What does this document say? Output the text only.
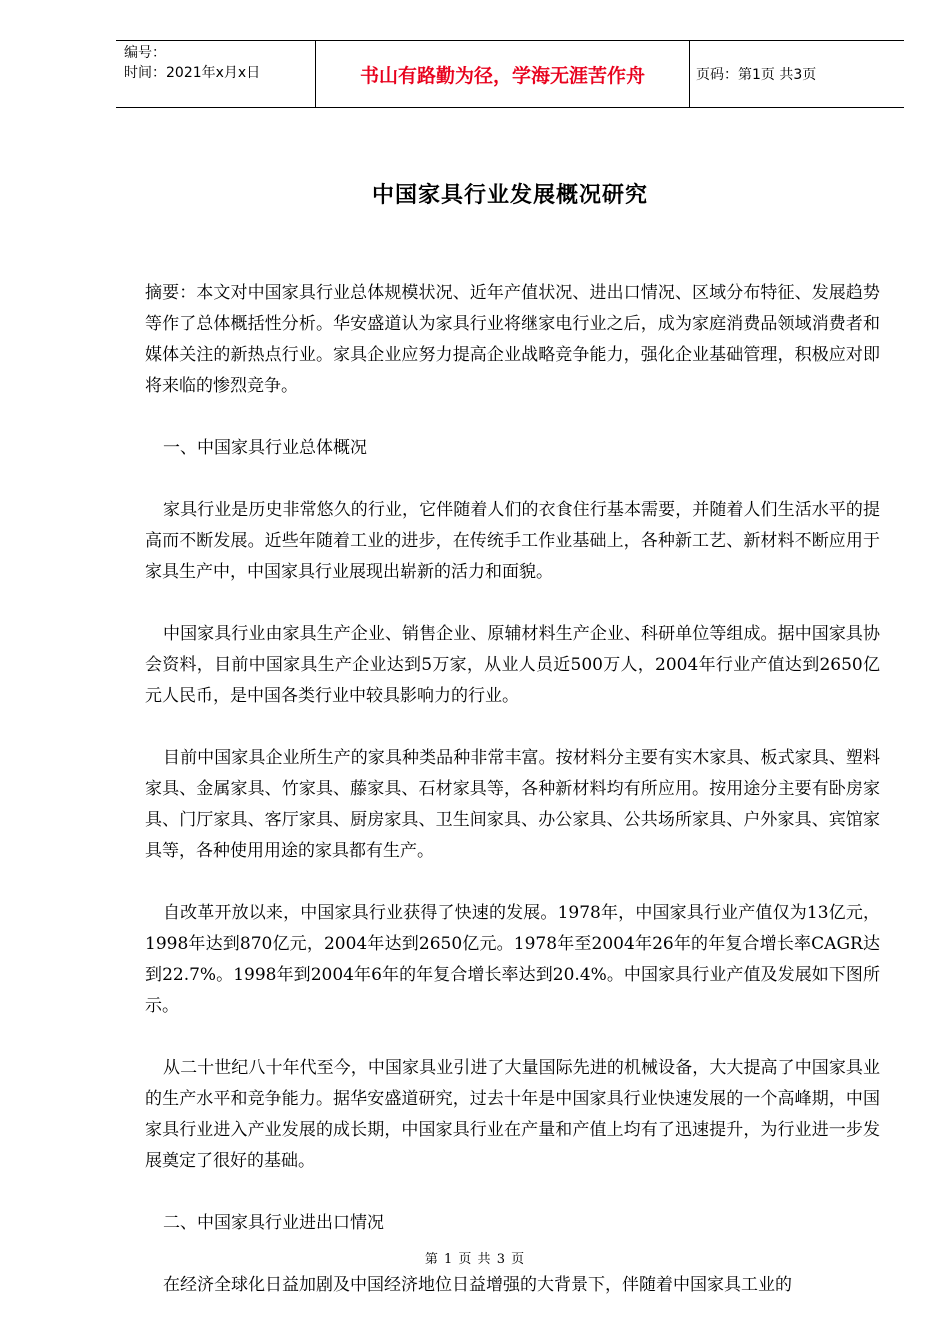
编号：
时间：2021年x月x日	书山有路勤为径，学海无涯苦作舟	页码：第1页 共3页
中国家具行业发展概况研究

摘要：本文对中国家具行业总体规模状况、近年产值状况、进出口情况、区域分布特征、发展趋势等作了总体概括性分析。华安盛道认为家具行业将继家电行业之后，成为家庭消费品领域消费者和媒体关注的新热点行业。家具企业应努力提高企业战略竞争能力，强化企业基础管理，积极应对即将来临的惨烈竞争。

一、中国家具行业总体概况

家具行业是历史非常悠久的行业，它伴随着人们的衣食住行基本需要，并随着人们生活水平的提高而不断发展。近些年随着工业的进步，在传统手工作业基础上，各种新工艺、新材料不断应用于家具生产中，中国家具行业展现出崭新的活力和面貌。

中国家具行业由家具生产企业、销售企业、原辅材料生产企业、科研单位等组成。据中国家具协会资料，目前中国家具生产企业达到5万家，从业人员近500万人，2004年行业产值达到2650亿元人民币，是中国各类行业中较具影响力的行业。

目前中国家具企业所生产的家具种类品种非常丰富。按材料分主要有实木家具、板式家具、塑料家具、金属家具、竹家具、藤家具、石材家具等，各种新材料均有所应用。按用途分主要有卧房家具、门厅家具、客厅家具、厨房家具、卫生间家具、办公家具、公共场所家具、户外家具、宾馆家具等，各种使用用途的家具都有生产。

自改革开放以来，中国家具行业获得了快速的发展。1978年，中国家具行业产值仅为13亿元，1998年达到870亿元，2004年达到2650亿元。1978年至2004年26年的年复合增长率CAGR达到22.7%。1998年到2004年6年的年复合增长率达到20.4%。中国家具行业产值及发展如下图所示。

从二十世纪八十年代至今，中国家具业引进了大量国际先进的机械设备，大大提高了中国家具业的生产水平和竞争能力。据华安盛道研究，过去十年是中国家具行业快速发展的一个高峰期，中国家具行业进入产业发展的成长期，中国家具行业在产量和产值上均有了迅速提升，为行业进一步发展奠定了很好的基础。

二、中国家具行业进出口情况

在经济全球化日益加剧及中国经济地位日益增强的大背景下，伴随着中国家具工业的

第 1 页 共 3 页
